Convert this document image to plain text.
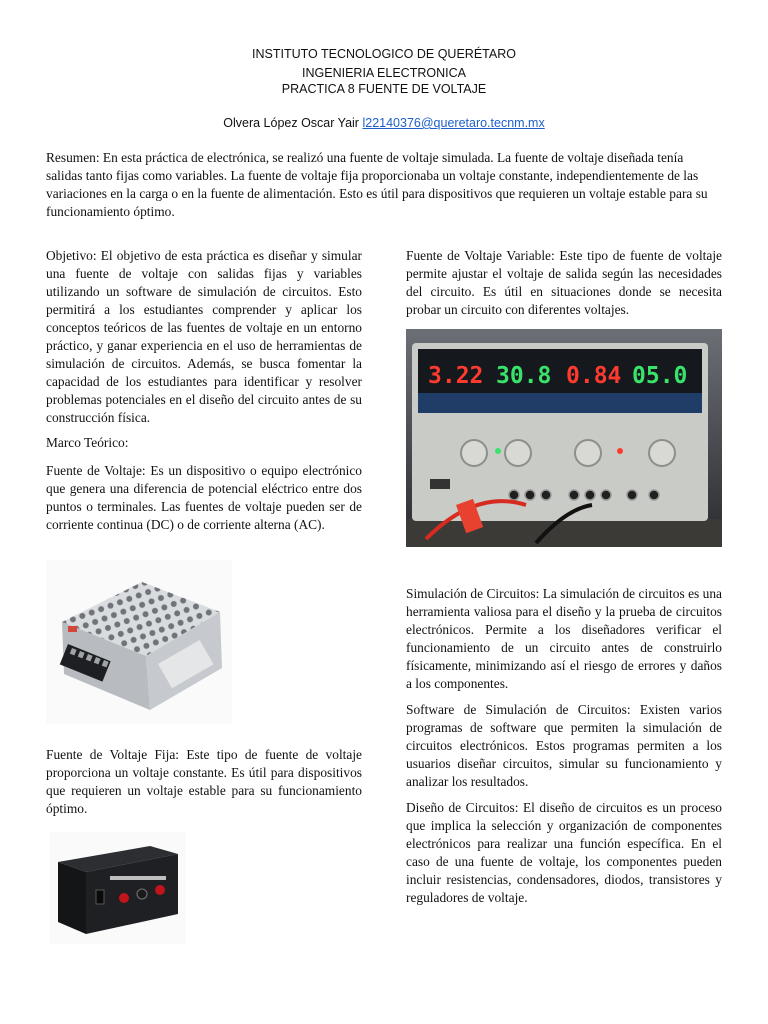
INSTITUTO TECNOLOGICO DE QUERÉTARO
INGENIERIA ELECTRONICA
PRACTICA 8 FUENTE DE VOLTAJE
Olvera López Oscar Yair l22140376@queretaro.tecnm.mx

Resumen: En esta práctica de electrónica, se realizó una fuente de voltaje simulada. La fuente de voltaje diseñada tenía salidas tanto fijas como variables. La fuente de voltaje fija proporcionaba un voltaje constante, independientemente de las variaciones en la carga o en la fuente de alimentación. Esto es útil para dispositivos que requieren un voltaje estable para su funcionamiento óptimo.

Objetivo: El objetivo de esta práctica es diseñar y simular una fuente de voltaje con salidas fijas y variables utilizando un software de simulación de circuitos. Esto permitirá a los estudiantes comprender y aplicar los conceptos teóricos de las fuentes de voltaje en un entorno práctico, y ganar experiencia en el uso de herramientas de simulación de circuitos. Además, se busca fomentar la capacidad de los estudiantes para identificar y resolver problemas potenciales en el diseño del circuito antes de su construcción física.

Marco Teórico:

Fuente de Voltaje: Es un dispositivo o equipo electrónico que genera una diferencia de potencial eléctrico entre dos puntos o terminales. Las fuentes de voltaje pueden ser de corriente continua (DC) o de corriente alterna (AC).

Fuente de Voltaje Fija: Este tipo de fuente de voltaje proporciona un voltaje constante. Es útil para dispositivos que requieren un voltaje estable para su funcionamiento óptimo.

Fuente de Voltaje Variable: Este tipo de fuente de voltaje permite ajustar el voltaje de salida según las necesidades del circuito. Es útil en situaciones donde se necesita probar un circuito con diferentes voltajes.

3.22 30.8 0.84 05.0

Simulación de Circuitos: La simulación de circuitos es una herramienta valiosa para el diseño y la prueba de circuitos electrónicos. Permite a los diseñadores verificar el funcionamiento de un circuito antes de construirlo físicamente, minimizando así el riesgo de errores y daños a los componentes.

Software de Simulación de Circuitos: Existen varios programas de software que permiten la simulación de circuitos electrónicos. Estos programas permiten a los usuarios diseñar circuitos, simular su funcionamiento y analizar los resultados.

Diseño de Circuitos: El diseño de circuitos es un proceso que implica la selección y organización de componentes electrónicos para realizar una función específica. En el caso de una fuente de voltaje, los componentes pueden incluir resistencias, condensadores, diodos, transistores y reguladores de voltaje.
